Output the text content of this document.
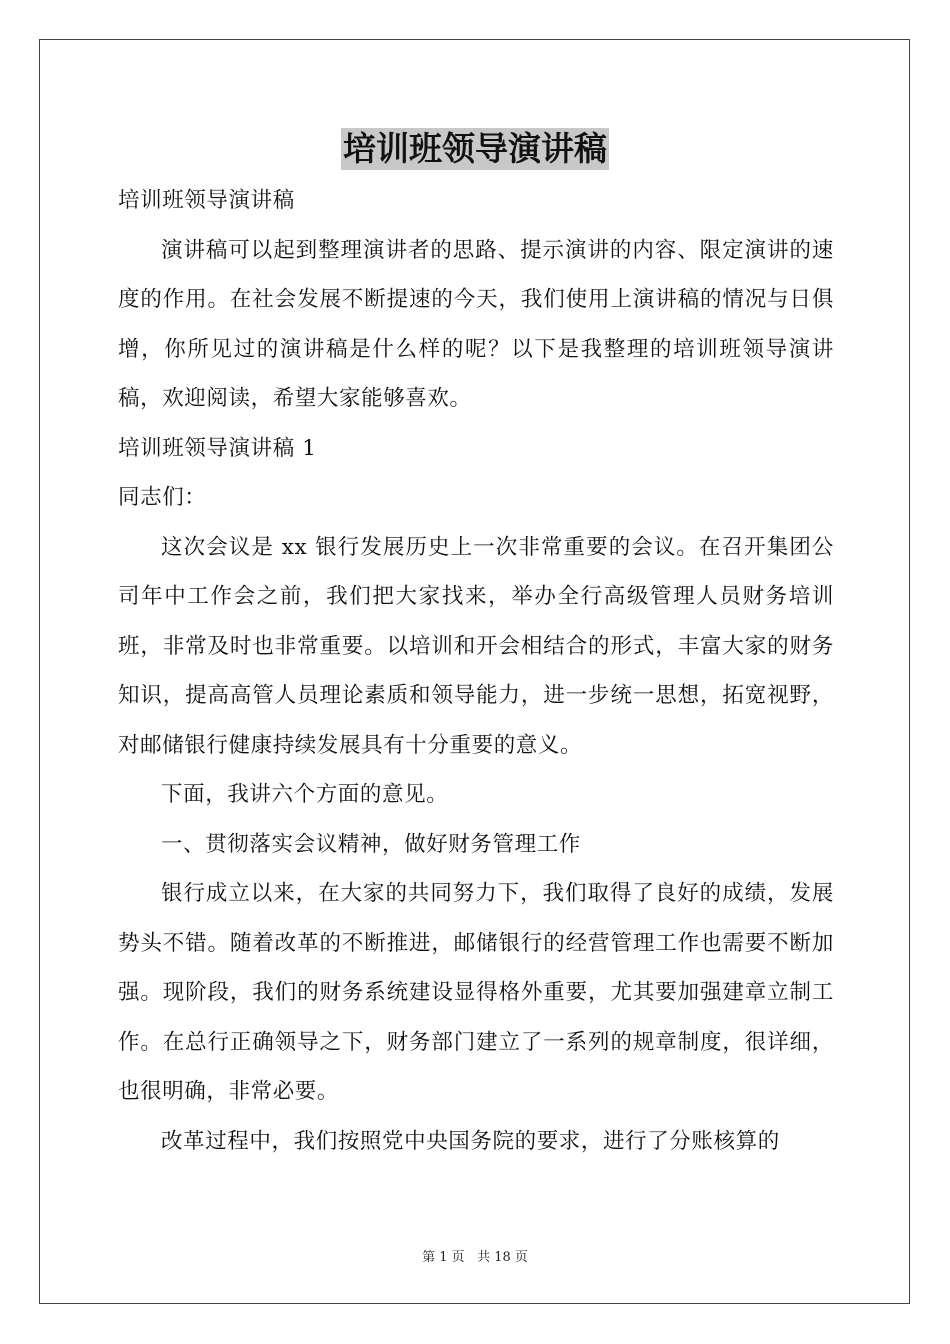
培训班领导演讲稿

培训班领导演讲稿

演讲稿可以起到整理演讲者的思路、提示演讲的内容、限定演讲的速度的作用。在社会发展不断提速的今天，我们使用上演讲稿的情况与日俱增，你所见过的演讲稿是什么样的呢？以下是我整理的培训班领导演讲稿，欢迎阅读，希望大家能够喜欢。

培训班领导演讲稿 1

同志们：

这次会议是 xx 银行发展历史上一次非常重要的会议。在召开集团公司年中工作会之前，我们把大家找来，举办全行高级管理人员财务培训班，非常及时也非常重要。以培训和开会相结合的形式，丰富大家的财务知识，提高高管人员理论素质和领导能力，进一步统一思想，拓宽视野，对邮储银行健康持续发展具有十分重要的意义。

下面，我讲六个方面的意见。

一、贯彻落实会议精神，做好财务管理工作

银行成立以来，在大家的共同努力下，我们取得了良好的成绩，发展势头不错。随着改革的不断推进，邮储银行的经营管理工作也需要不断加强。现阶段，我们的财务系统建设显得格外重要，尤其要加强建章立制工作。在总行正确领导之下，财务部门建立了一系列的规章制度，很详细，也很明确，非常必要。

改革过程中，我们按照党中央国务院的要求，进行了分账核算的

第 1 页 共 18 页
